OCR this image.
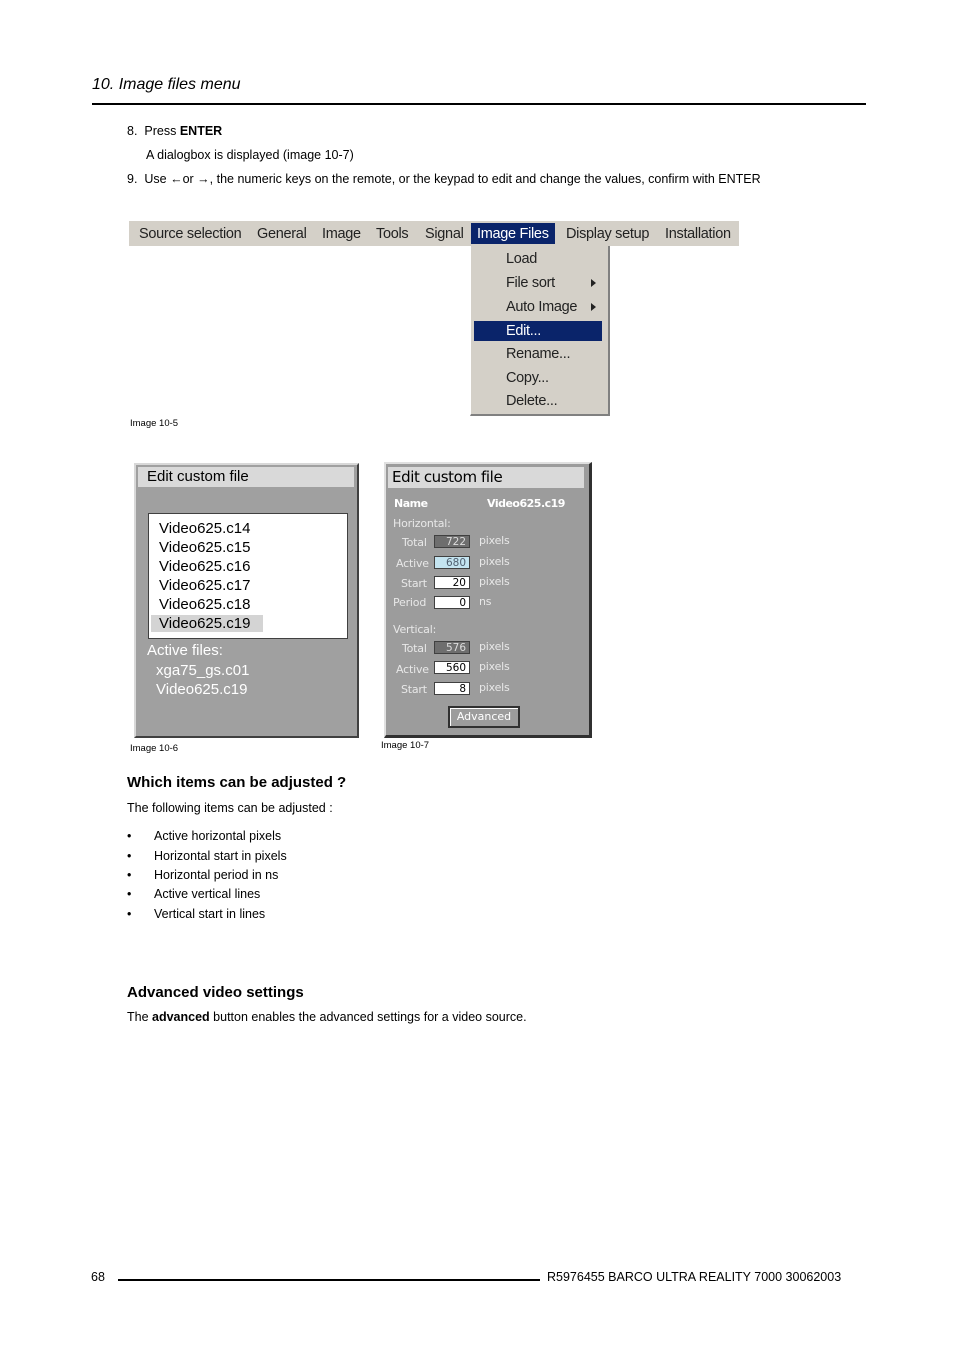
10. Image files menu
8. Press ENTER
A dialogbox is displayed (image 10-7)
9. Use ←or →, the numeric keys on the remote, or the keypad to edit and change the values, confirm with ENTER
Source selection General Image Tools Signal Image Files	Display setup Installation
Load
File sort
Auto Image
Edit...
Rename...
Copy...
Delete...
Image 10-5
Edit custom file
Video625.c14
Video625.c15
Video625.c16
Video625.c17
Video625.c18
Video625.c19
Active files:
xga75_gs.c01
Video625.c19
Image 10-6
Edit custom file
Name	Video625.c19
Horizontal:
Total	722	pixels
Active	680	pixels
Start	20	pixels
Period	0	ns
Vertical:
Total	576	pixels
Active	560	pixels
Start	8	pixels
Advanced
Image 10-7
Which items can be adjusted ?
The following items can be adjusted :
• Active horizontal pixels
• Horizontal start in pixels
• Horizontal period in ns
• Active vertical lines
• Vertical start in lines
Advanced video settings
The advanced button enables the advanced settings for a video source.
68	R5976455 BARCO ULTRA REALITY 7000 30062003
